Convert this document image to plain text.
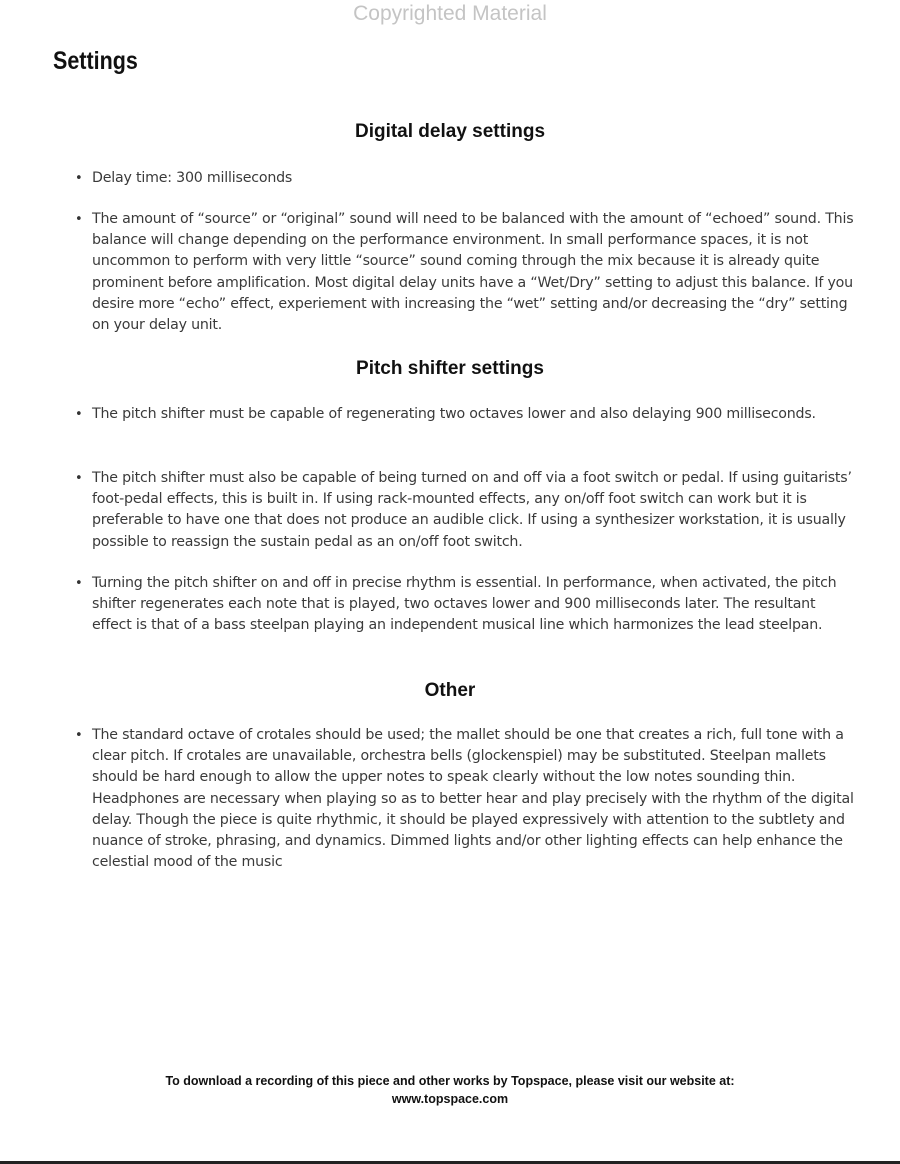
Copyrighted Material
Settings
Digital delay settings

• Delay time: 300 milliseconds

• The amount of “source” or “original” sound will need to be balanced with the amount of “echoed” sound. This balance will change depending on the performance environment. In small performance spaces, it is not uncommon to perform with very little “source” sound coming through the mix because it is already quite prominent before amplification. Most digital delay units have a “Wet/Dry” setting to adjust this balance. If you desire more “echo” effect, experiement with increasing the “wet” setting and/or decreasing the “dry” setting on your delay unit.

Pitch shifter settings

• The pitch shifter must be capable of regenerating two octaves lower and also delaying 900 milliseconds.

• The pitch shifter must also be capable of being turned on and off via a foot switch or pedal. If using guitarists’ foot-pedal effects, this is built in. If using rack-mounted effects, any on/off foot switch can work but it is preferable to have one that does not produce an audible click. If using a synthesizer workstation, it is usually possible to reassign the sustain pedal as an on/off foot switch.

• Turning the pitch shifter on and off in precise rhythm is essential. In performance, when activated, the pitch shifter regenerates each note that is played, two octaves lower and 900 milliseconds later. The resultant effect is that of a bass steelpan playing an independent musical line which harmonizes the lead steelpan.

Other

• The standard octave of crotales should be used; the mallet should be one that creates a rich, full tone with a clear pitch. If crotales are unavailable, orchestra bells (glockenspiel) may be substituted. Steelpan mallets should be hard enough to allow the upper notes to speak clearly without the low notes sounding thin. Headphones are necessary when playing so as to better hear and play precisely with the rhythm of the digital delay. Though the piece is quite rhythmic, it should be played expressively with attention to the subtlety and nuance of stroke, phrasing, and dynamics. Dimmed lights and/or other lighting effects can help enhance the celestial mood of the music

To download a recording of this piece and other works by Topspace, please visit our website at:
www.topspace.com
